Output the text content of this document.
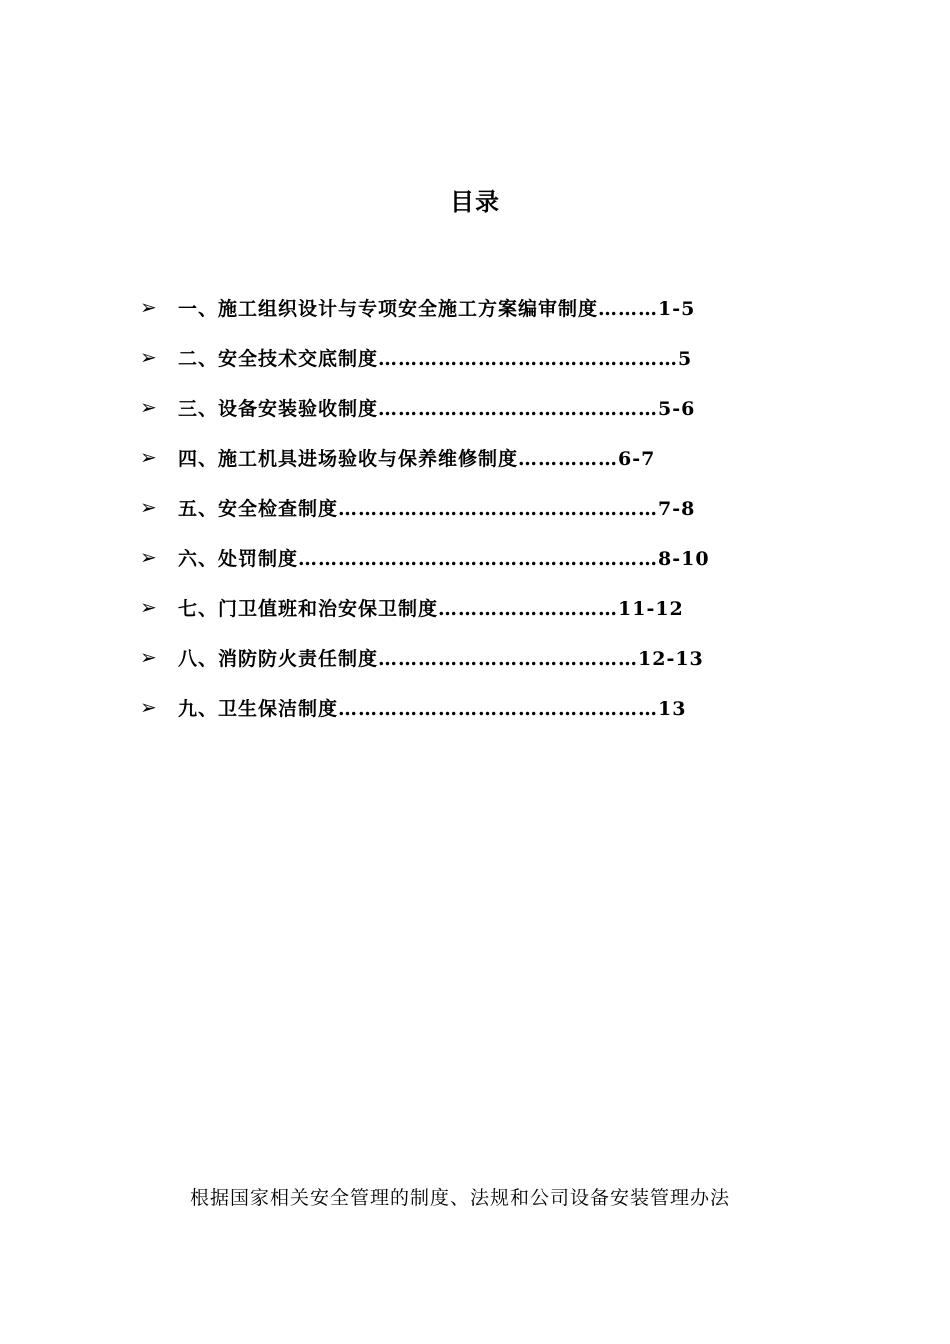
目录
➢	一、施工组织设计与专项安全施工方案编审制度………1-5
➢	二、安全技术交底制度………………………………………5
➢	三、设备安装验收制度……………………………………5-6
➢	四、施工机具进场验收与保养维修制度……………6-7
➢	五、安全检查制度…………………………………………7-8
➢	六、处罚制度………………………………………………8-10
➢	七、门卫值班和治安保卫制度………………………11-12
➢	八、消防防火责任制度…………………………………12-13
➢	九、卫生保洁制度…………………………………………13
根据国家相关安全管理的制度、法规和公司设备安装管理办法
